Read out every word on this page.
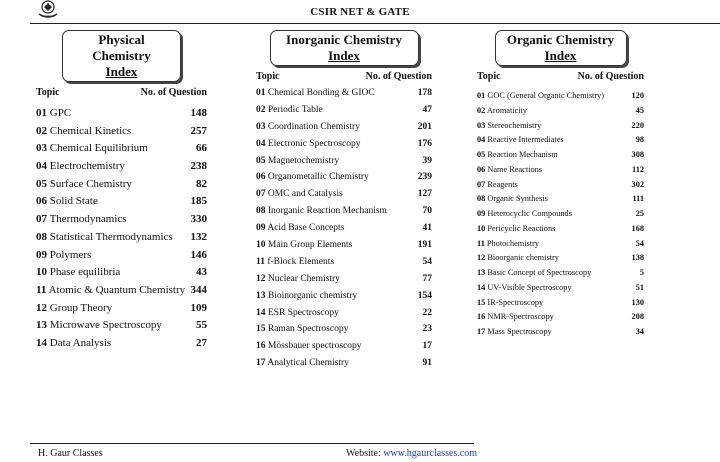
CSIR NET & GATE
Physical Chemistry
Index
Topic	No. of Question
01 GPC	148
02 Chemical Kinetics	257
03 Chemical Equilibrium	66
04 Electrochemistry	238
05 Surface Chemistry	82
06 Solid State	185
07 Thermodynamics	330
08 Statistical Thermodynamics 132
09 Polymers	146
10 Phase equilibria	43
11 Atomic & Quantum Chemistry 344
12 Group Theory	109
13 Microwave Spectroscopy	55
14 Data Analysis	27
Inorganic Chemistry
Index
Topic	No. of Question
01 Chemical Bonding & GIOC	178
02 Periodic Table	47
03 Coordination Chemistry	201
04 Electronic Spectroscopy	176
05 Magnetochemistry	39
06 Organometallic Chemistry	239
07 OMC and Catalysis	127
08 Inorganic Reaction Mechanism	70
09 Acid Base Concepts	41
10 Main Group Elements	191
11 f-Block Elements	54
12 Nuclear Chemistry	77
13 Bioinorganic chemistry	154
14 ESR Spectroscopy	22
15 Raman Spectroscopy	23
16 Mössbauer spectroscopy	17
17 Analytical Chemistry	91
Organic Chemistry
Index
Topic	No. of Question
01 GOC (General Organic Chemistry)	120
02 Aromaticity	45
03 Stereochemistry	220
04 Reactive Intermediates	98
05 Reaction Mechanism	308
06 Name Reactions	112
07 Reagents	302
08 Organic Synthesis	111
09 Heterocyclic Compounds	25
10 Pericyclic Reactions	168
11 Photochemistry	54
12 Bioorganic chemistry	138
13 Basic Concept of Spectroscopy	5
14 UV-Visible Spectroscopy	51
15 IR-Spectroscopy	130
16 NMR-Spectroscopy	208
17 Mass Spectroscopy	34
H. Gaur Classes	Website: www.hgaurclasses.com
